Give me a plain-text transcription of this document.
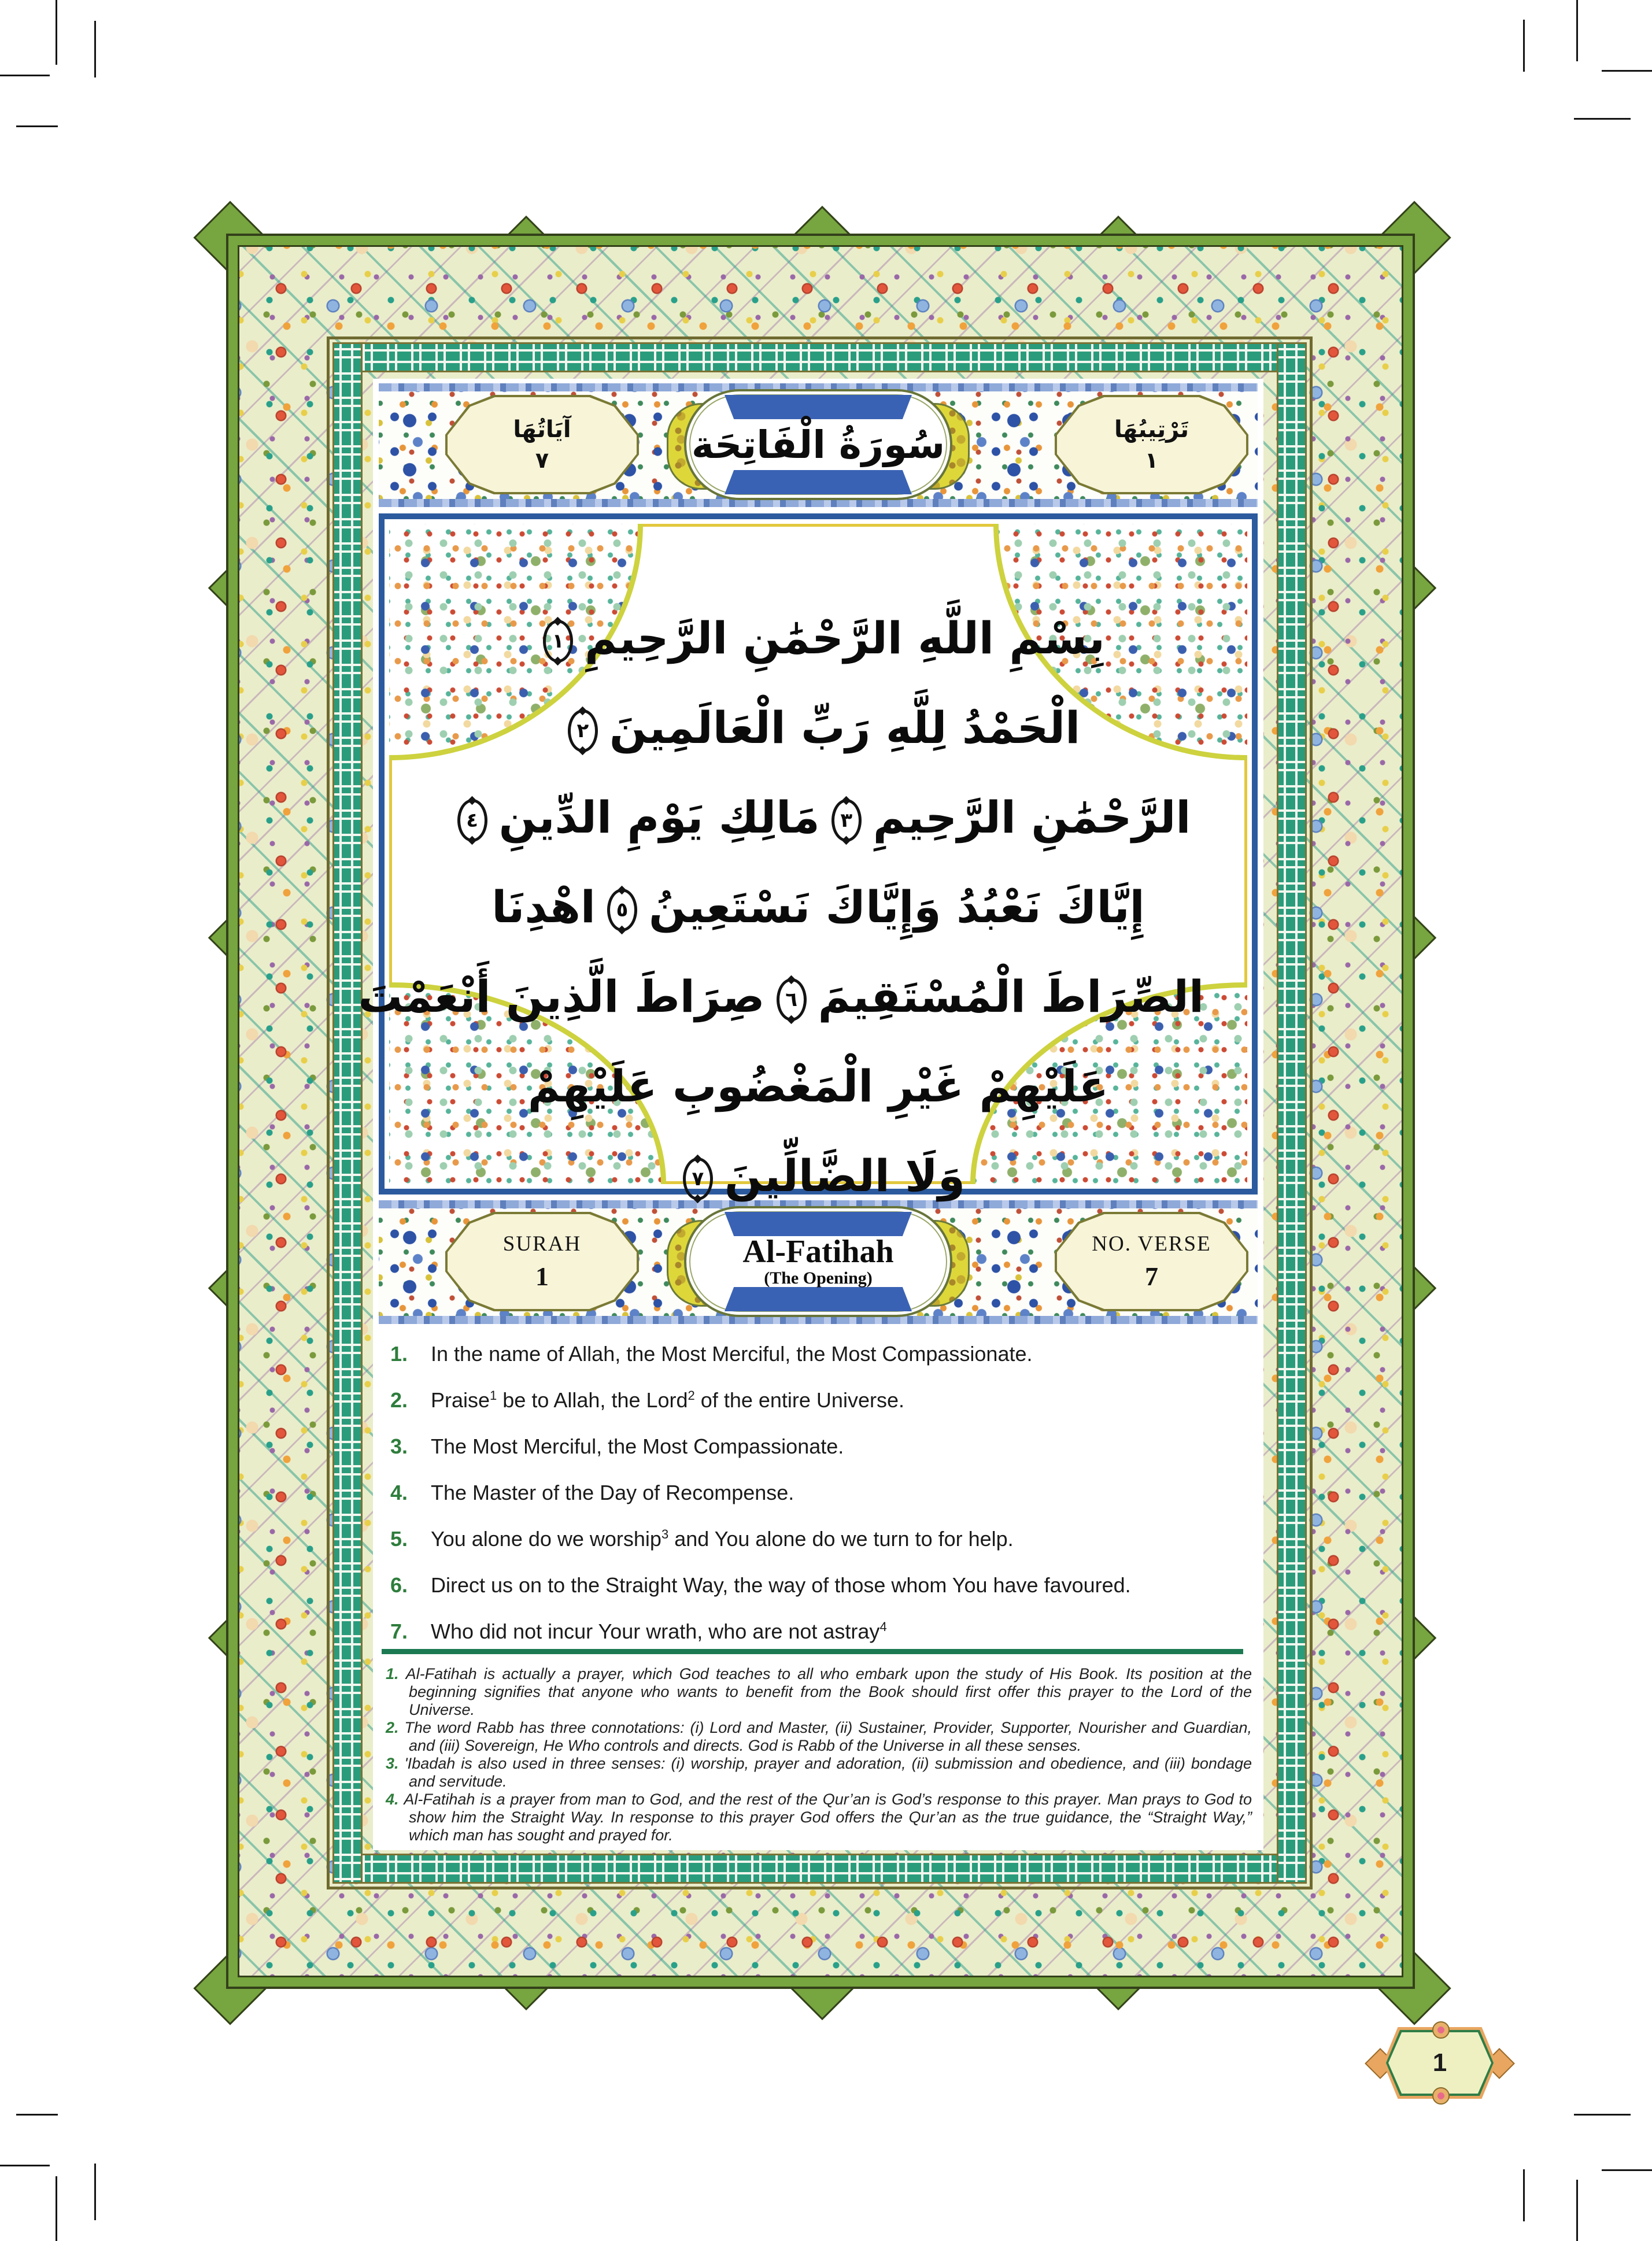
آيَاتُهَا
٧	سُورَةُ الْفَاتِحَة	تَرْتِيبُهَا
١
بِسْمِ اللَّهِ الرَّحْمَٰنِ الرَّحِيمِ
١
الْحَمْدُ لِلَّهِ رَبِّ الْعَالَمِينَ
٢
الرَّحْمَٰنِ الرَّحِيمِ
٣
مَالِكِ يَوْمِ الدِّينِ
٤
إِيَّاكَ نَعْبُدُ وَإِيَّاكَ نَسْتَعِينُ
٥
اهْدِنَا
الصِّرَاطَ الْمُسْتَقِيمَ
٦
صِرَاطَ الَّذِينَ أَنْعَمْتَ
عَلَيْهِمْ غَيْرِ الْمَغْضُوبِ عَلَيْهِمْ
وَلَا الضَّالِّينَ
٧
SURAH
1
Al-Fatihah
(The Opening)
NO. VERSE
7
1.	In the name of Allah, the Most Merciful, the Most Compassionate.
2.	Praise$^1$ be to Allah, the Lord$^2$ of the entire Universe.
3.	The Most Merciful, the Most Compassionate.
4.	The Master of the Day of Recompense.
5.	You alone do we worship$^3$ and You alone do we turn to for help.
6.	Direct us on to the Straight Way, the way of those whom You have favoured.
7.	Who did not incur Your wrath, who are not astray$^4$

1. Al-Fatihah is actually a prayer, which God teaches to all who embark upon the study of His Book. Its position at the beginning signifies that anyone who wants to benefit from the Book should first offer this prayer to the Lord of the Universe.

2. The word Rabb has three connotations: (i) Lord and Master, (ii) Sustainer, Provider, Supporter, Nourisher and Guardian, and (iii) Sovereign, He Who controls and directs. God is Rabb of the Universe in all these senses.

3. 'Ibadah is also used in three senses: (i) worship, prayer and adoration, (ii) submission and obedience, and (iii) bondage and servitude.

4. Al-Fatihah is a prayer from man to God, and the rest of the Qur’an is God’s response to this prayer. Man prays to God to show him the Straight Way. In response to this prayer God offers the Qur’an as the true guidance, the “Straight Way,” which man has sought and prayed for.

1
